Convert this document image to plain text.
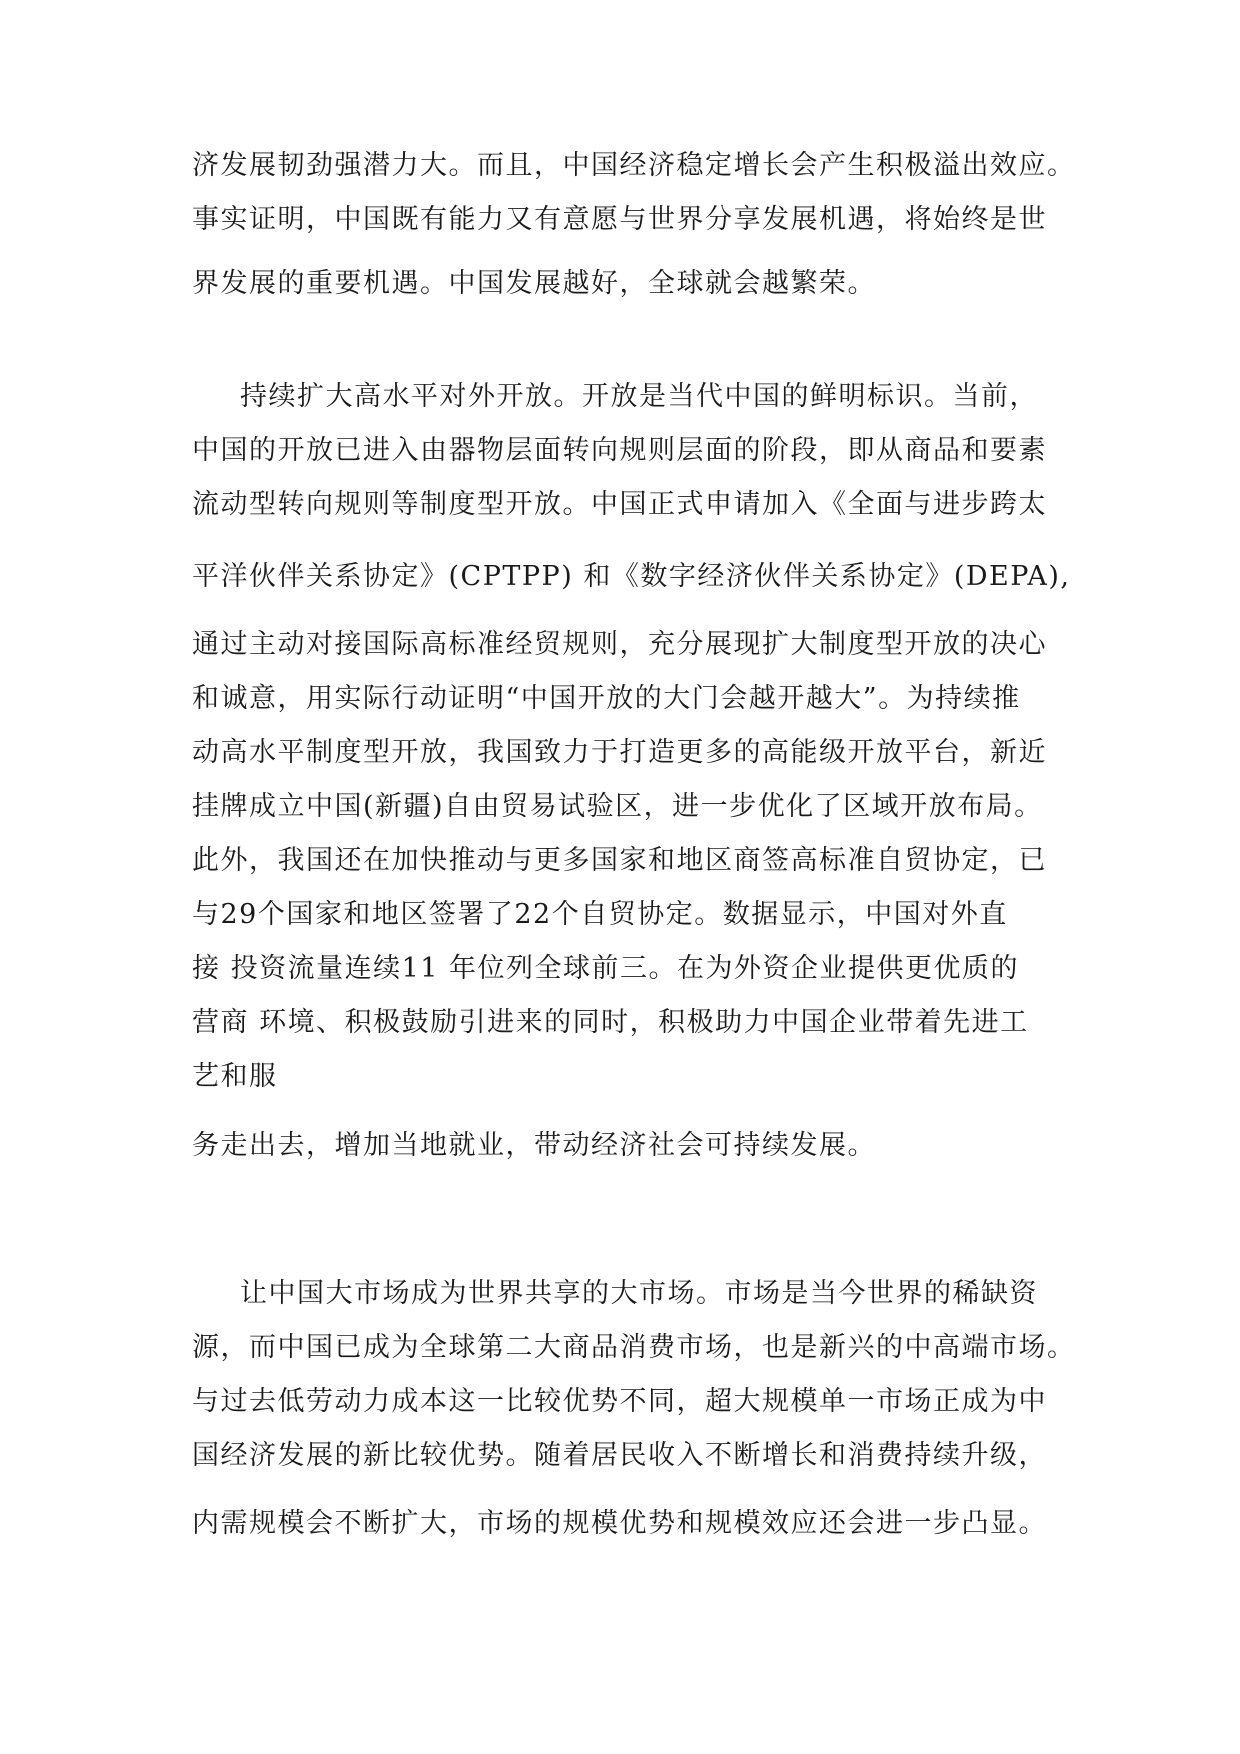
济发展韧劲强潜力大。而且，中国经济稳定增长会产生积极溢出效应。
事实证明，中国既有能力又有意愿与世界分享发展机遇，将始终是世
界发展的重要机遇。中国发展越好，全球就会越繁荣。
持续扩大高水平对外开放。开放是当代中国的鲜明标识。当前，
中国的开放已进入由器物层面转向规则层面的阶段，即从商品和要素
流动型转向规则等制度型开放。中国正式申请加入《全面与进步跨太
平洋伙伴关系协定》(CPTPP) 和《数字经济伙伴关系协定》(DEPA),
通过主动对接国际高标准经贸规则，充分展现扩大制度型开放的决心
和诚意，用实际行动证明“中国开放的大门会越开越大”。为持续推
动高水平制度型开放，我国致力于打造更多的高能级开放平台，新近
挂牌成立中国(新疆)自由贸易试验区，进一步优化了区域开放布局。
此外，我国还在加快推动与更多国家和地区商签高标准自贸协定，已
与29个国家和地区签署了22个自贸协定。数据显示，中国对外直
接 投资流量连续11 年位列全球前三。在为外资企业提供更优质的
营商 环境、积极鼓励引进来的同时，积极助力中国企业带着先进工
艺和服
务走出去，增加当地就业，带动经济社会可持续发展。
让中国大市场成为世界共享的大市场。市场是当今世界的稀缺资
源，而中国已成为全球第二大商品消费市场，也是新兴的中高端市场。
与过去低劳动力成本这一比较优势不同，超大规模单一市场正成为中
国经济发展的新比较优势。随着居民收入不断增长和消费持续升级，
内需规模会不断扩大，市场的规模优势和规模效应还会进一步凸显。
